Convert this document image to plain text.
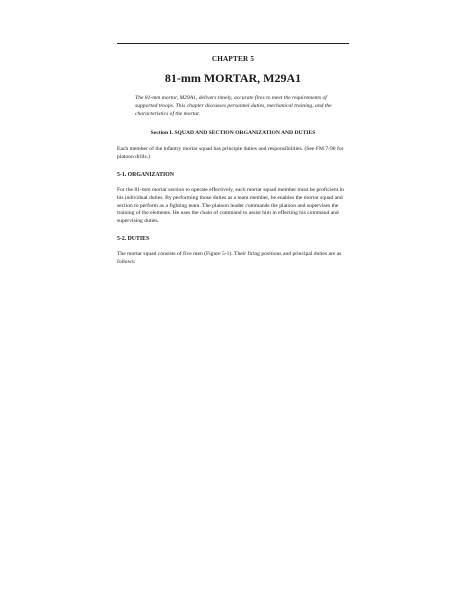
CHAPTER 5
81-mm MORTAR, M29A1
The 81-mm mortar, M29A1, delivers timely, accurate fires to meet the requirements of supported troops. This chapter discusses personnel duties, mechanical training, and the characteristics of the mortar.
Section I. SQUAD AND SECTION ORGANIZATION AND DUTIES
Each member of the infantry mortar squad has principle duties and responsibilities. (See FM 7-90 for platoon drills.)
5-1. ORGANIZATION
For the 81-mm mortar section to operate effectively, each mortar squad member must be proficient in his individual duties. By performing those duties as a team member, he enables the mortar squad and section to perform as a fighting team. The platoon leader commands the platoon and supervises the training of the elements. He uses the chain of command to assist him in effecting his command and supervising duties.
5-2. DUTIES
The mortar squad consists of five men (Figure 5-1). Their firing positions and principal duties are as follows:
